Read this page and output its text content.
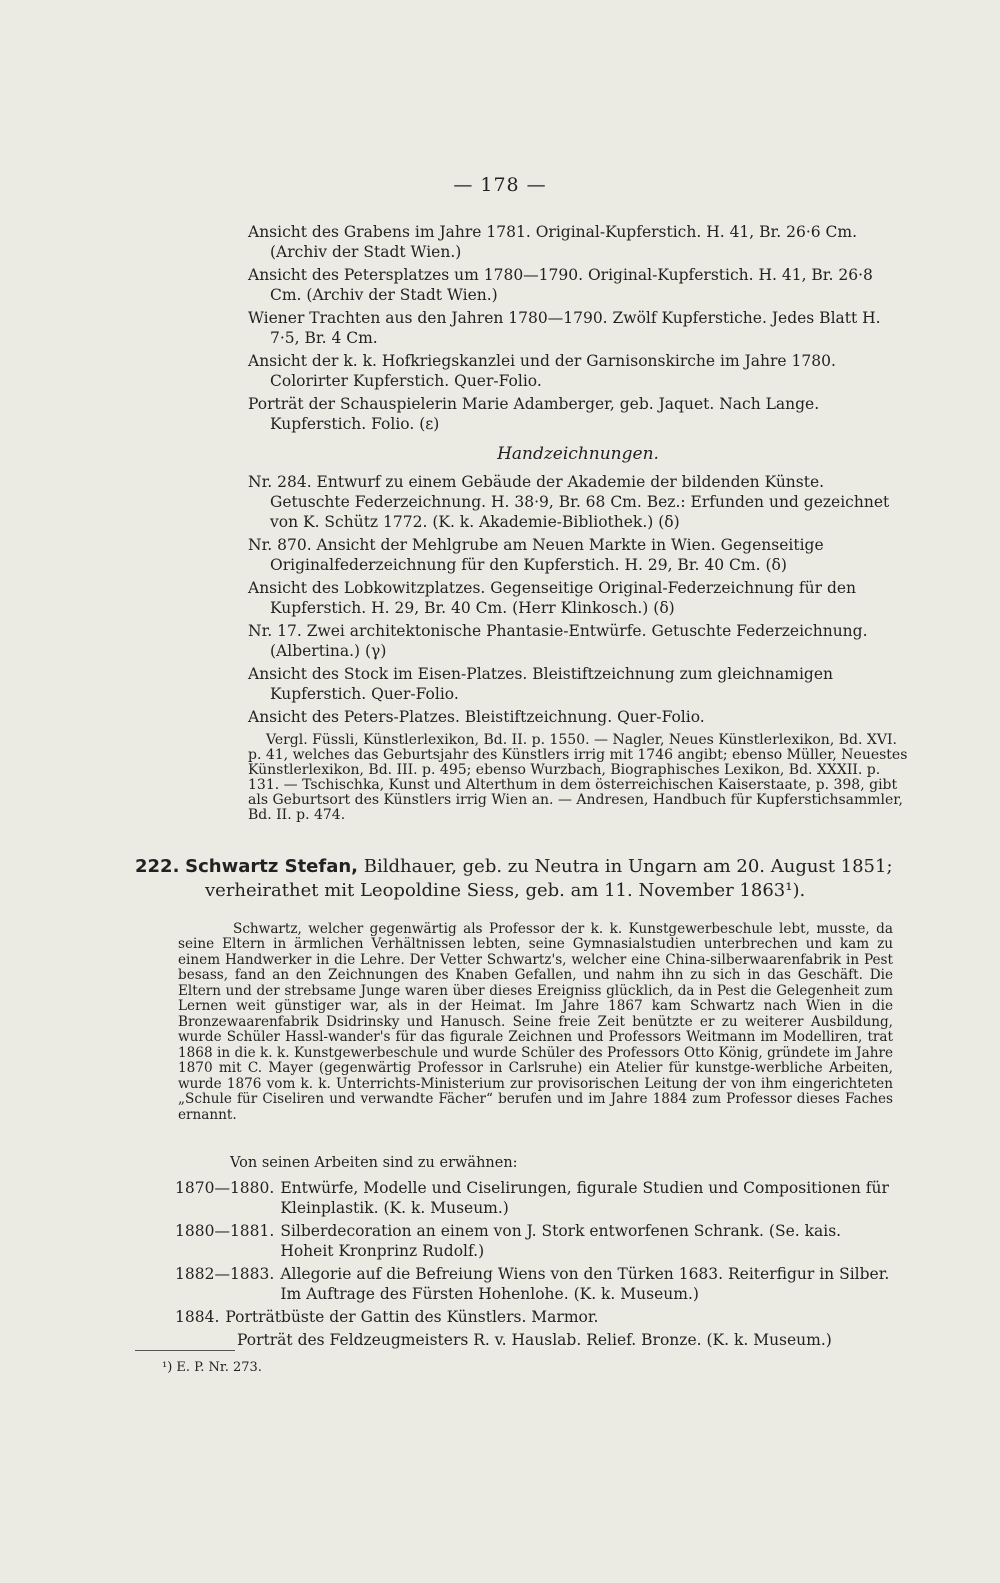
— 178 —

Ansicht des Grabens im Jahre 1781. Original-Kupferstich. H. 41, Br. 26·6 Cm. (Archiv der Stadt Wien.)

Ansicht des Petersplatzes um 1780—1790. Original-Kupferstich. H. 41, Br. 26·8 Cm. (Archiv der Stadt Wien.)

Wiener Trachten aus den Jahren 1780—1790. Zwölf Kupferstiche. Jedes Blatt H. 7·5, Br. 4 Cm.

Ansicht der k. k. Hofkriegskanzlei und der Garnisonskirche im Jahre 1780. Colorirter Kupferstich. Quer-Folio.

Porträt der Schauspielerin Marie Adamberger, geb. Jaquet. Nach Lange. Kupferstich. Folio. (ε)

Handzeichnungen.

Nr. 284. Entwurf zu einem Gebäude der Akademie der bildenden Künste. Getuschte Federzeichnung. H. 38·9, Br. 68 Cm. Bez.: Erfunden und gezeichnet von K. Schütz 1772. (K. k. Akademie-Bibliothek.) (δ)

Nr. 870. Ansicht der Mehlgrube am Neuen Markte in Wien. Gegenseitige Originalfederzeichnung für den Kupferstich. H. 29, Br. 40 Cm. (δ)

Ansicht des Lobkowitzplatzes. Gegenseitige Original-Federzeichnung für den Kupferstich. H. 29, Br. 40 Cm. (Herr Klinkosch.) (δ)

Nr. 17. Zwei architektonische Phantasie-Entwürfe. Getuschte Federzeichnung. (Albertina.) (γ)

Ansicht des Stock im Eisen-Platzes. Bleistiftzeichnung zum gleichnamigen Kupferstich. Quer-Folio.

Ansicht des Peters-Platzes. Bleistiftzeichnung. Quer-Folio.

Vergl. Füssli, Künstlerlexikon, Bd. II. p. 1550. — Nagler, Neues Künstlerlexikon, Bd. XVI. p. 41, welches das Geburtsjahr des Künstlers irrig mit 1746 angibt; ebenso Müller, Neuestes Künstlerlexikon, Bd. III. p. 495; ebenso Wurzbach, Biographisches Lexikon, Bd. XXXII. p. 131. — Tschischka, Kunst und Alterthum in dem österreichischen Kaiserstaate, p. 398, gibt als Geburtsort des Künstlers irrig Wien an. — Andresen, Handbuch für Kupferstichsammler, Bd. II. p. 474.

222. Schwartz Stefan, Bildhauer, geb. zu Neutra in Ungarn am 20. August 1851;
verheirathet mit Leopoldine Siess, geb. am 11. November 1863¹).

Schwartz, welcher gegenwärtig als Professor der k. k. Kunstgewerbeschule lebt, musste, da seine Eltern in ärmlichen Verhältnissen lebten, seine Gymnasialstudien unterbrechen und kam zu einem Handwerker in die Lehre. Der Vetter Schwartz's, welcher eine China-silberwaarenfabrik in Pest besass, fand an den Zeichnungen des Knaben Gefallen, und nahm ihn zu sich in das Geschäft. Die Eltern und der strebsame Junge waren über dieses Ereigniss glücklich, da in Pest die Gelegenheit zum Lernen weit günstiger war, als in der Heimat. Im Jahre 1867 kam Schwartz nach Wien in die Bronzewaarenfabrik Dsidrinsky und Hanusch. Seine freie Zeit benützte er zu weiterer Ausbildung, wurde Schüler Hassl-wander's für das figurale Zeichnen und Professors Weitmann im Modelliren, trat 1868 in die k. k. Kunstgewerbeschule und wurde Schüler des Professors Otto König, gründete im Jahre 1870 mit C. Mayer (gegenwärtig Professor in Carlsruhe) ein Atelier für kunstge-werbliche Arbeiten, wurde 1876 vom k. k. Unterrichts-Ministerium zur provisorischen Leitung der von ihm eingerichteten „Schule für Ciseliren und verwandte Fächer“ berufen und im Jahre 1884 zum Professor dieses Faches ernannt.

Von seinen Arbeiten sind zu erwähnen:
1870—1880. Entwürfe, Modelle und Ciselirungen, figurale Studien und Compositionen für Kleinplastik. (K. k. Museum.)
1880—1881. Silberdecoration an einem von J. Stork entworfenen Schrank. (Se. kais. Hoheit Kronprinz Rudolf.)
1882—1883. Allegorie auf die Befreiung Wiens von den Türken 1683. Reiterfigur in Silber. Im Auftrage des Fürsten Hohenlohe. (K. k. Museum.)
1884. Porträtbüste der Gattin des Künstlers. Marmor.
Porträt des Feldzeugmeisters R. v. Hauslab. Relief. Bronze. (K. k. Museum.)
¹) E. P. Nr. 273.
